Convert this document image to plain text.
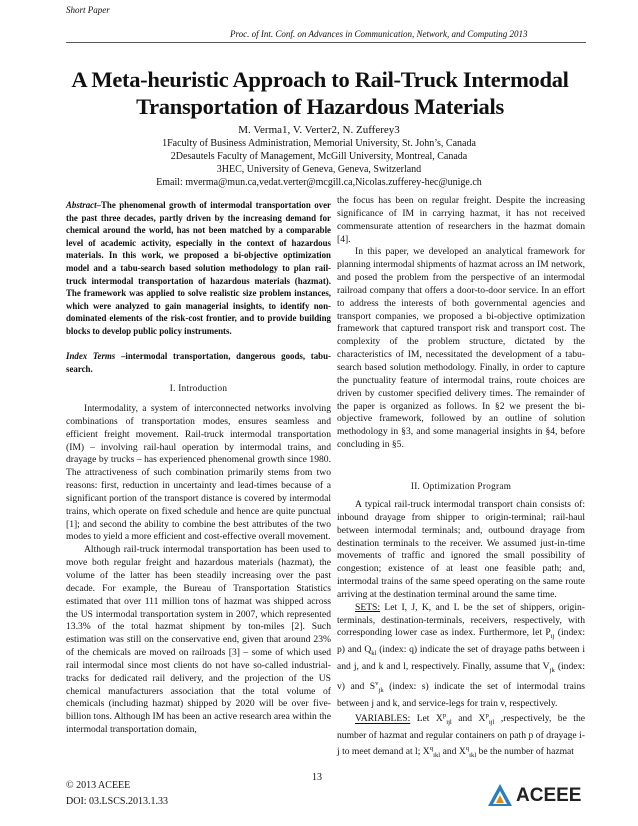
Short Paper
Proc. of Int. Conf. on Advances in Communication, Network, and Computing 2013
A Meta-heuristic Approach to Rail-Truck Intermodal
Transportation of Hazardous Materials
M. Verma1, V. Verter2, N. Zufferey3
1Faculty of Business Administration, Memorial University, St. John’s, Canada
2Desautels Faculty of Management, McGill University, Montreal, Canada
3HEC, University of Geneva, Geneva, Switzerland
Email: mverma@mun.ca,vedat.verter@mcgill.ca,Nicolas.zufferey-hec@unige.ch

Abstract–The phenomenal growth of intermodal transportation over the past three decades, partly driven by the increasing demand for chemical around the world, has not been matched by a comparable level of academic activity, especially in the context of hazardous materials. In this work, we proposed a bi-objective optimization model and a tabu-search based solution methodology to plan rail-truck intermodal transportation of hazardous materials (hazmat). The framework was applied to solve realistic size problem instances, which were analyzed to gain managerial insights, to identify non-dominated elements of the risk-cost frontier, and to provide building blocks to develop public policy instruments.

Index Terms –intermodal transportation, dangerous goods, tabu-search.

I. Introduction

Intermodality, a system of interconnected networks involving combinations of transportation modes, ensures seamless and efficient freight movement. Rail-truck intermodal transportation (IM) – involving rail-haul operation by intermodal trains, and drayage by trucks – has experienced phenomenal growth since 1980. The attractiveness of such combination primarily stems from two reasons: first, reduction in uncertainty and lead-times because of a significant portion of the transport distance is covered by intermodal trains, which operate on fixed schedule and hence are quite punctual [1]; and second the ability to combine the best attributes of the two modes to yield a more efficient and cost-effective overall movement.

Although rail-truck intermodal transportation has been used to move both regular freight and hazardous materials (hazmat), the volume of the latter has been steadily increasing over the past decade. For example, the Bureau of Transportation Statistics estimated that over 111 million tons of hazmat was shipped across the US intermodal transportation system in 2007, which represented 13.3% of the total hazmat shipment by ton-miles [2]. Such estimation was still on the conservative end, given that around 23% of the chemicals are moved on railroads [3] – some of which used rail intermodal since most clients do not have so-called industrial-tracks for dedicated rail delivery, and the projection of the US chemical manufacturers association that the total volume of chemicals (including hazmat) shipped by 2020 will be over five-billion tons. Although IM has been an active research area within the intermodal transportation domain,

the focus has been on regular freight. Despite the increasing significance of IM in carrying hazmat, it has not received commensurate attention of researchers in the hazmat domain [4].

In this paper, we developed an analytical framework for planning intermodal shipments of hazmat across an IM network, and posed the problem from the perspective of an intermodal railroad company that offers a door-to-door service. In an effort to address the interests of both governmental agencies and transport companies, we proposed a bi-objective optimization framework that captured transport risk and transport cost. The complexity of the problem structure, dictated by the characteristics of IM, necessitated the development of a tabu-search based solution methodology. Finally, in order to capture the punctuality feature of intermodal trains, route choices are driven by customer specified delivery times. The remainder of the paper is organized as follows. In §2 we present the bi-objective framework, followed by an outline of solution methodology in §3, and some managerial insights in §4, before concluding in §5.

II. Optimization Program

A typical rail-truck intermodal transport chain consists of: inbound drayage from shipper to origin-terminal; rail-haul between intermodal terminals; and, outbound drayage from destination terminals to the receiver. We assumed just-in-time movements of traffic and ignored the small possibility of congestion; existence of at least one feasible path; and, intermodal trains of the same speed operating on the same route arriving at the destination terminal around the same time.

SETS: Let I, J, K, and L be the set of shippers, origin-terminals, destination-terminals, receivers, respectively, with corresponding lower case as index. Furthermore, let $P_{ij}$ (index: p) and $Q_{kl}$ (index: q) indicate the set of drayage paths between i and j, and k and l, respectively. Finally, assume that $V_{jk}$ (index: v) and $S^v_{jk}$ (index: s) indicate the set of intermodal trains between j and k, and service-legs for train v, respectively.

VARIABLES: Let $X^p_{ijl}$ and $X^p_{ijl}$ ,respectively, be the number of hazmat and regular containers on path p of drayage i-j to meet demand at l; $X^q_{ikl}$ and $X^q_{ikl}$ be the number of hazmat

© 2013 ACEEE
DOI: 03.LSCS.2013.1.33
13
ACEEE
